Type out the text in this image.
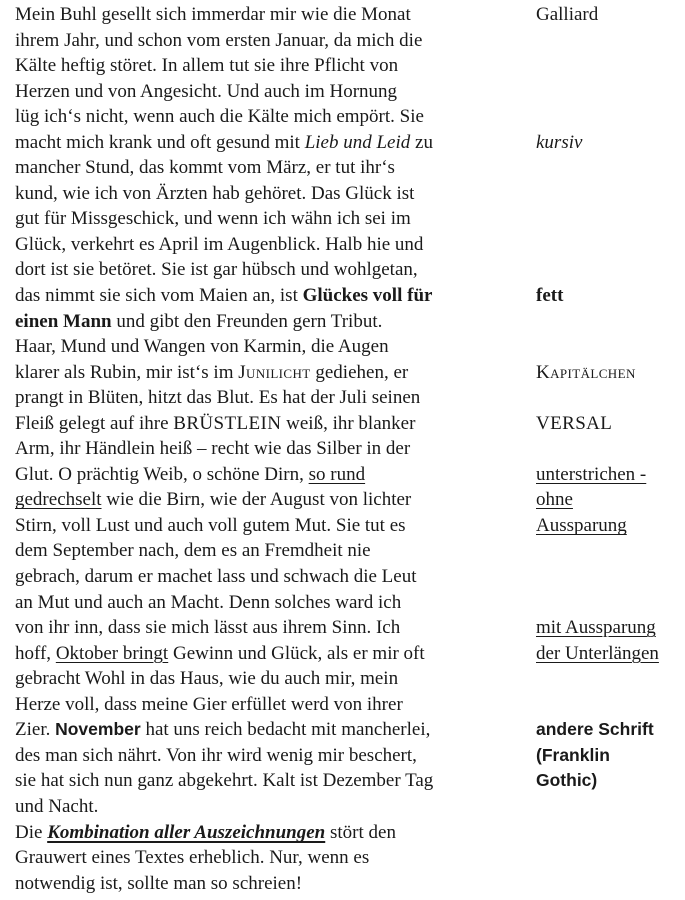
Mein Buhl gesellt sich immerdar mir wie die Monat
ihrem Jahr, und schon vom ersten Januar, da mich die
Kälte heftig störet. In allem tut sie ihre Pflicht von
Herzen und von Angesicht. Und auch im Hornung
lüg ich‘s nicht, wenn auch die Kälte mich empört. Sie
macht mich krank und oft gesund mit Lieb und Leid zu
mancher Stund, das kommt vom März, er tut ihr‘s
kund, wie ich von Ärzten hab gehöret. Das Glück ist
gut für Missgeschick, und wenn ich wähn ich sei im
Glück, verkehrt es April im Augenblick. Halb hie und
dort ist sie betöret. Sie ist gar hübsch und wohlgetan,
das nimmt sie sich vom Maien an, ist Glückes voll für
einen Mann und gibt den Freunden gern Tribut.
Haar, Mund und Wangen von Karmin, die Augen
klarer als Rubin, mir ist‘s im Junilicht gediehen, er
prangt in Blüten, hitzt das Blut. Es hat der Juli seinen
Fleiß gelegt auf ihre BRÜSTLEIN weiß, ihr blanker
Arm, ihr Händlein heiß – recht wie das Silber in der
Glut. O prächtig Weib, o schöne Dirn, so rund
gedrechselt wie die Birn, wie der August von lichter
Stirn, voll Lust und auch voll gutem Mut. Sie tut es
dem September nach, dem es an Fremdheit nie
gebrach, darum er machet lass und schwach die Leut
an Mut und auch an Macht. Denn solches ward ich
von ihr inn, dass sie mich lässt aus ihrem Sinn. Ich
hoff, Oktober bringt Gewinn und Glück, als er mir oft
gebracht Wohl in das Haus, wie du auch mir, mein
Herze voll, dass meine Gier erfüllet werd von ihrer
Zier. November hat uns reich bedacht mit mancherlei,
des man sich nährt. Von ihr wird wenig mir beschert,
sie hat sich nun ganz abgekehrt. Kalt ist Dezember Tag
und Nacht.
Die Kombination aller Auszeichnungen stört den
Grauwert eines Textes erheblich. Nur, wenn es
notwendig ist, sollte man so schreien!
Galliard
kursiv
fett
Kapitälchen
VERSAL
unterstrichen -
ohne
Aussparung
mit Aussparung
der Unterlängen
andere Schrift
(Franklin
Gothic)
